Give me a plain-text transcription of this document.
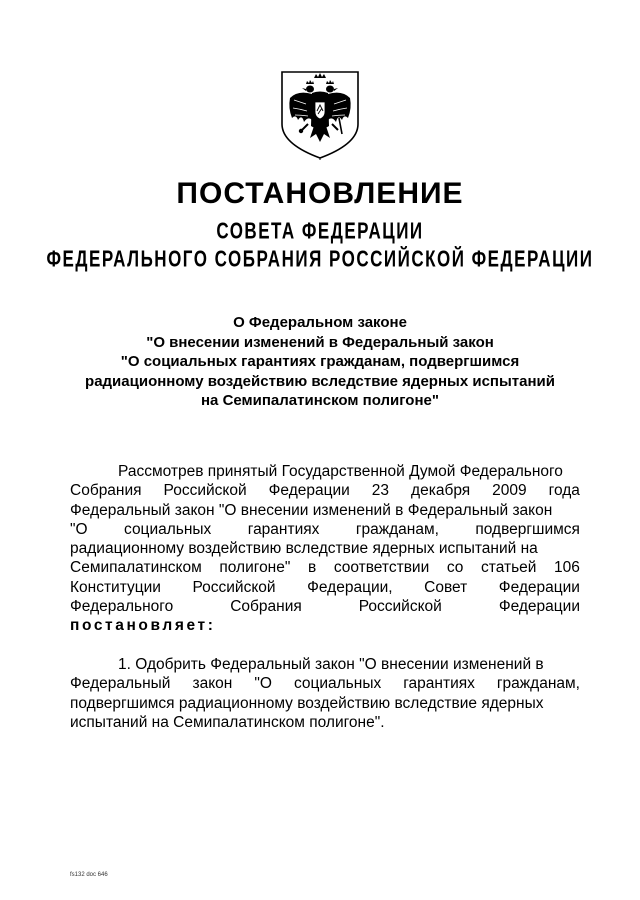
ПОСТАНОВЛЕНИЕ
СОВЕТА ФЕДЕРАЦИИ
ФЕДЕРАЛЬНОГО СОБРАНИЯ РОССИЙСКОЙ ФЕДЕРАЦИИ
О Федеральном законе
"О внесении изменений в Федеральный закон
"О социальных гарантиях гражданам, подвергшимся
радиационному воздействию вследствие ядерных испытаний
на Семипалатинском полигоне"
Рассмотрев принятый Государственной Думой Федерального
Собрания Российской Федерации 23 декабря 2009 года
Федеральный закон "О внесении изменений в Федеральный закон
"О социальных гарантиях гражданам, подвергшимся
радиационному воздействию вследствие ядерных испытаний на
Семипалатинском полигоне" в соответствии со статьей 106
Конституции Российской Федерации, Совет Федерации
Федерального	Собрания	Российской	Федерации
постановляет:
1. Одобрить Федеральный закон "О внесении изменений в
Федеральный закон "О социальных гарантиях гражданам,
подвергшимся радиационному воздействию вследствие ядерных
испытаний на Семипалатинском полигоне".
fs132 doc 646
